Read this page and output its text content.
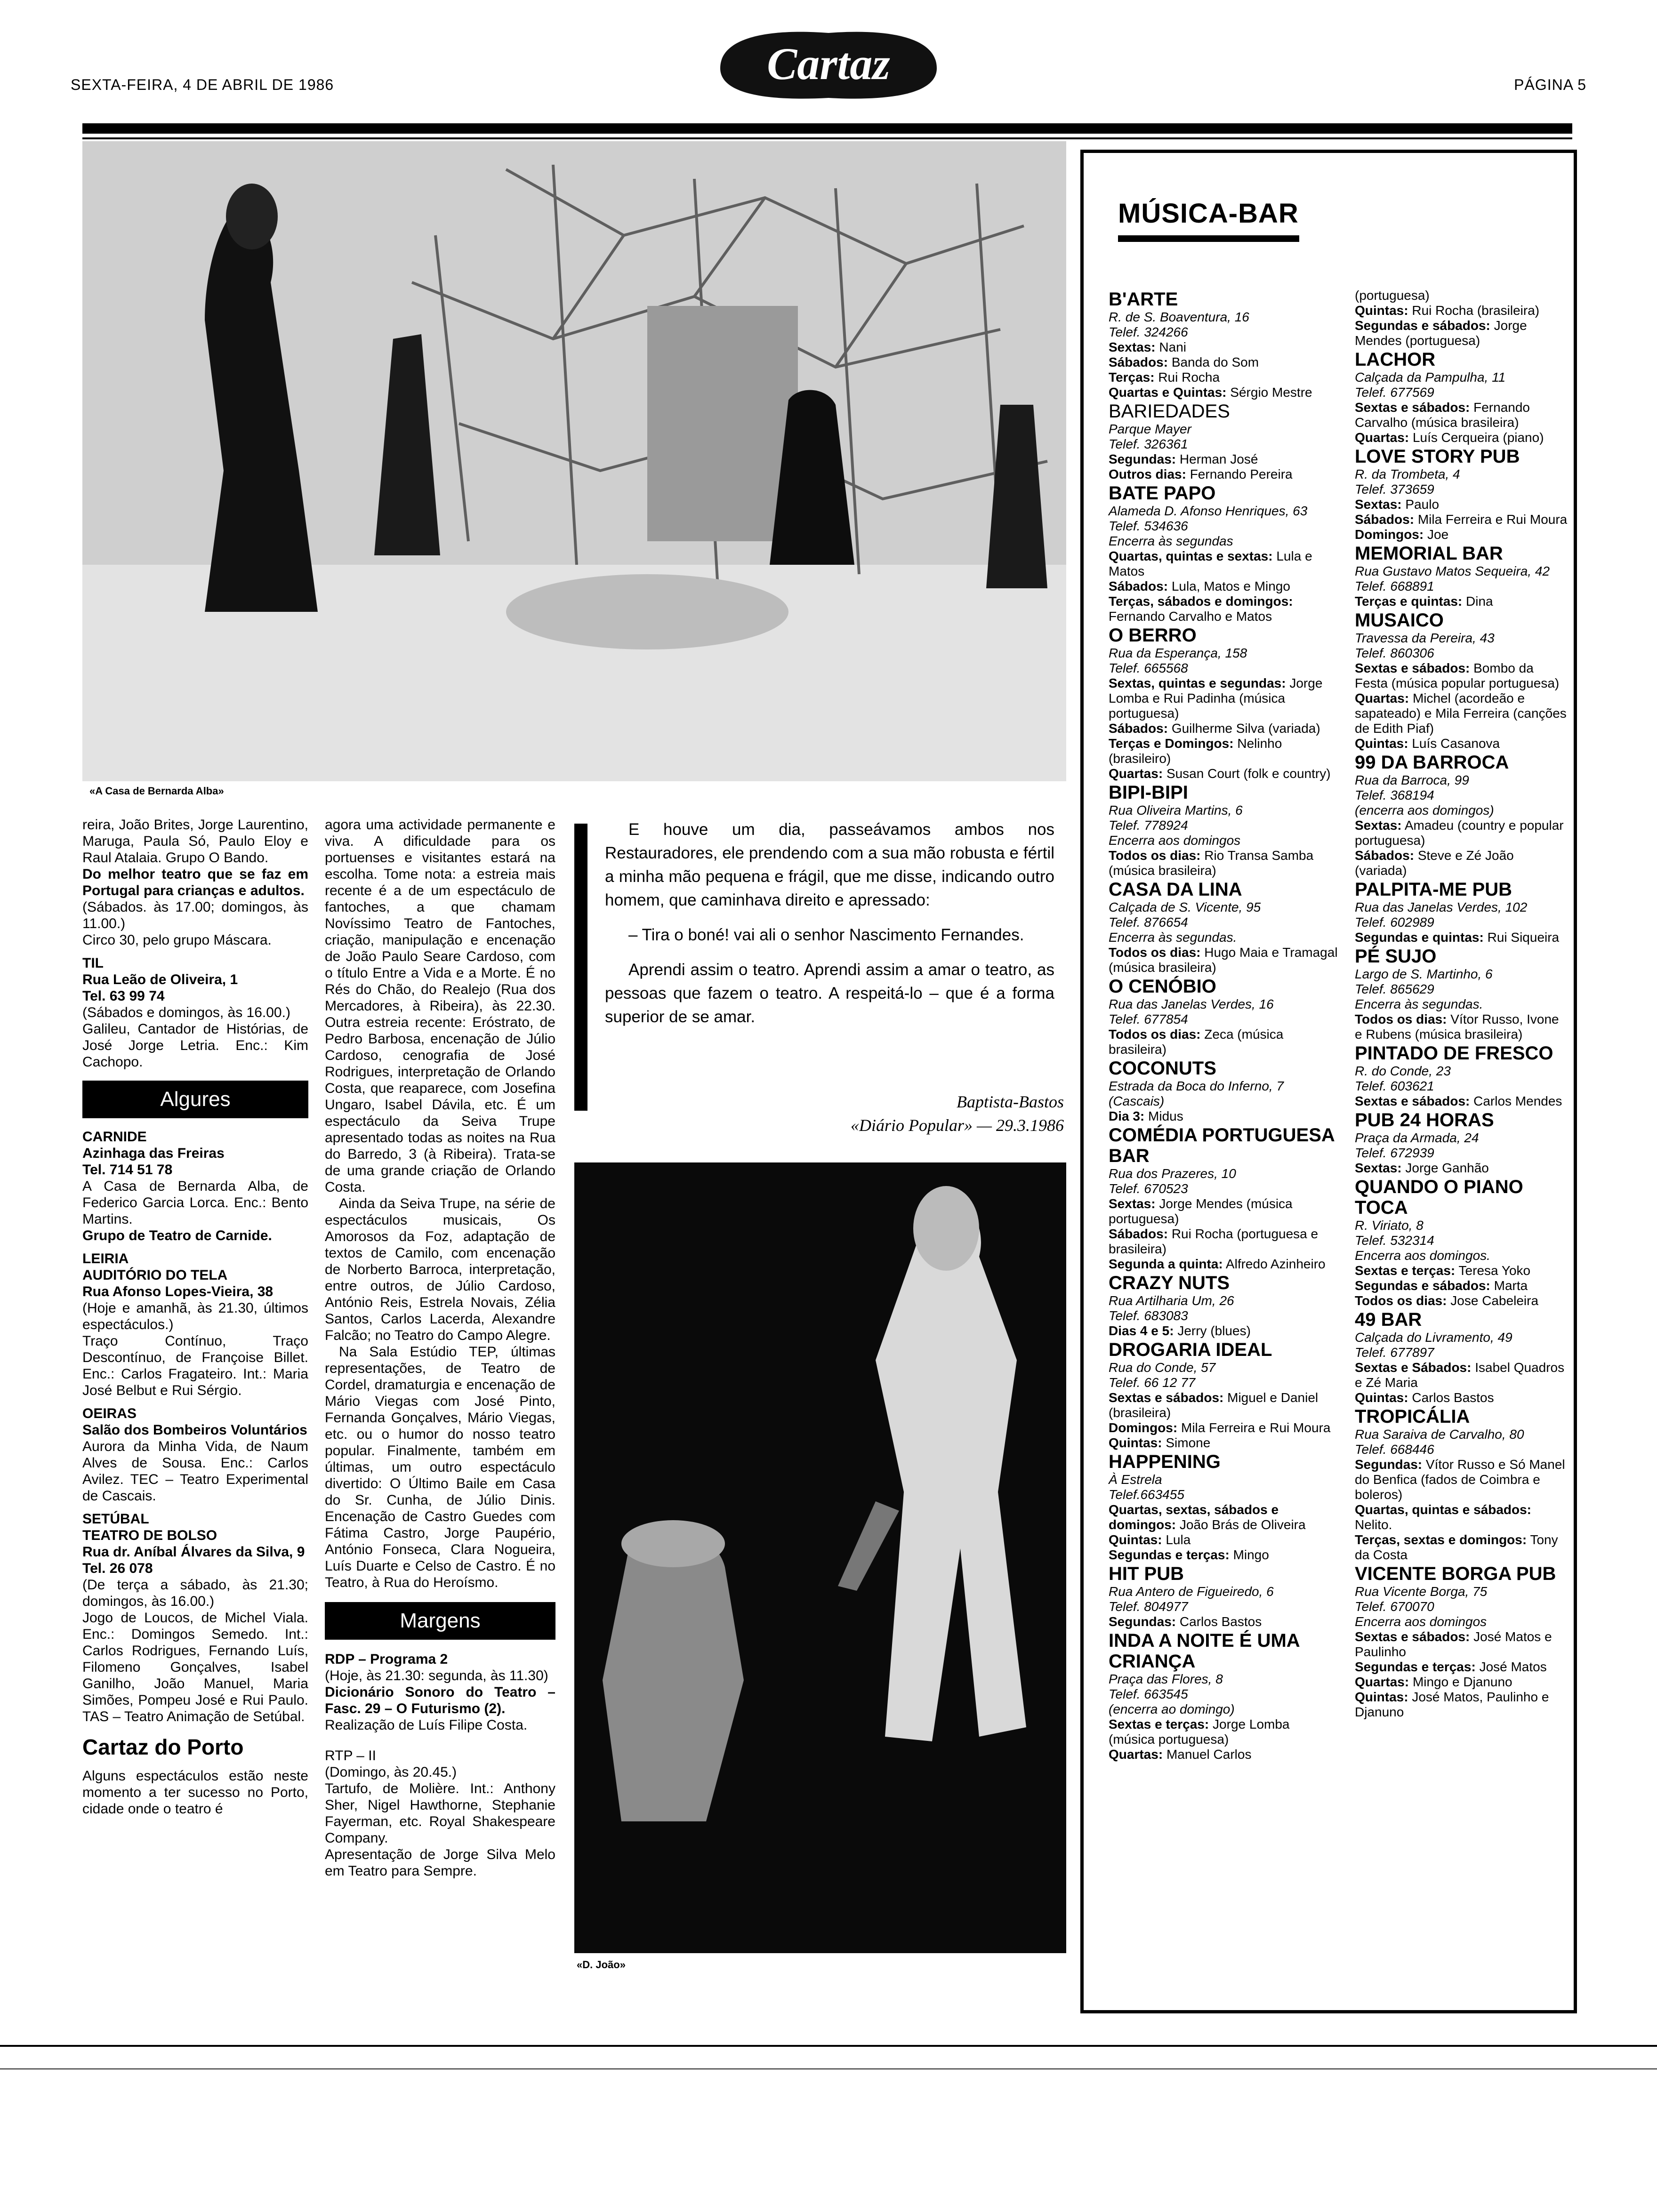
SEXTA-FEIRA, 4 DE ABRIL DE 1986	Cartaz	PÁGINA 5
«A Casa de Bernarda Alba»

reira, João Brites, Jorge Laurentino, Maruga, Paula Só, Paulo Eloy e Raul Atalaia. Grupo O Bando.

Do melhor teatro que se faz em Portugal para crianças e adultos.

(Sábados. às 17.00; domingos, às 11.00.)

Circo 30, pelo grupo Máscara.

TIL

Rua Leão de Oliveira, 1

Tel. 63 99 74

(Sábados e domingos, às 16.00.)

Galileu, Cantador de Histórias, de José Jorge Letria. Enc.: Kim Cachopo.

Algures

CARNIDE

Azinhaga das Freiras

Tel. 714 51 78

A Casa de Bernarda Alba, de Federico Garcia Lorca. Enc.: Bento Martins.

Grupo de Teatro de Carnide.

LEIRIA

AUDITÓRIO DO TELA

Rua Afonso Lopes-Vieira, 38

(Hoje e amanhã, às 21.30, últimos espectáculos.)

Traço Contínuo, Traço Descontínuo, de Françoise Billet. Enc.: Carlos Fragateiro. Int.: Maria José Belbut e Rui Sérgio.

OEIRAS

Salão dos Bombeiros Voluntários

Aurora da Minha Vida, de Naum Alves de Sousa. Enc.: Carlos Avilez. TEC – Teatro Experimental de Cascais.

SETÚBAL

TEATRO DE BOLSO

Rua dr. Aníbal Álvares da Silva, 9

Tel. 26 078

(De terça a sábado, às 21.30; domingos, às 16.00.)

Jogo de Loucos, de Michel Viala. Enc.: Domingos Semedo. Int.: Carlos Rodrigues, Fernando Luís, Filomeno Gonçalves, Isabel Ganilho, João Manuel, Maria Simões, Pompeu José e Rui Paulo. TAS – Teatro Animação de Setúbal.

Cartaz do Porto

Alguns espectáculos estão neste momento a ter sucesso no Porto, cidade onde o teatro é

agora uma actividade permanente e viva. A dificuldade para os portuenses e visitantes estará na escolha. Tome nota: a estreia mais recente é a de um espectáculo de fantoches, a que chamam Novíssimo Teatro de Fantoches, criação, manipulação e encenação de João Paulo Seare Cardoso, com o título Entre a Vida e a Morte. É no Rés do Chão, do Realejo (Rua dos Mercadores, à Ribeira), às 22.30. Outra estreia recente: Eróstrato, de Pedro Barbosa, encenação de Júlio Cardoso, cenografia de José Rodrigues, interpretação de Orlando Costa, que reaparece, com Josefina Ungaro, Isabel Dávila, etc. É um espectáculo da Seiva Trupe apresentado todas as noites na Rua do Barredo, 3 (à Ribeira). Trata-se de uma grande criação de Orlando Costa.

Ainda da Seiva Trupe, na série de espectáculos musicais, Os Amorosos da Foz, adaptação de textos de Camilo, com encenação de Norberto Barroca, interpretação, entre outros, de Júlio Cardoso, António Reis, Estrela Novais, Zélia Santos, Carlos Lacerda, Alexandre Falcão; no Teatro do Campo Alegre.

Na Sala Estúdio TEP, últimas representações, de Teatro de Cordel, dramaturgia e encenação de Mário Viegas com José Pinto, Fernanda Gonçalves, Mário Viegas, etc. ou o humor do nosso teatro popular. Finalmente, também em últimas, um outro espectáculo divertido: O Último Baile em Casa do Sr. Cunha, de Júlio Dinis. Encenação de Castro Guedes com Fátima Castro, Jorge Paupério, António Fonseca, Clara Nogueira, Luís Duarte e Celso de Castro. É no Teatro, à Rua do Heroísmo.

Margens

RDP – Programa 2

(Hoje, às 21.30: segunda, às 11.30)

Dicionário Sonoro do Teatro – Fasc. 29 – O Futurismo (2).

Realização de Luís Filipe Costa.

RTP – II

(Domingo, às 20.45.)

Tartufo, de Molière. Int.: Anthony Sher, Nigel Hawthorne, Stephanie Fayerman, etc. Royal Shakespeare Company.

Apresentação de Jorge Silva Melo em Teatro para Sempre.

E houve um dia, passeávamos ambos nos Restauradores, ele prendendo com a sua mão robusta e fértil a minha mão pequena e frágil, que me disse, indicando outro homem, que caminhava direito e apressado:

– Tira o boné! vai ali o senhor Nascimento Fernandes.

Aprendi assim o teatro. Aprendi assim a amar o teatro, as pessoas que fazem o teatro. A respeitá-lo – que é a forma superior de se amar.

Baptista-Bastos
«Diário Popular» — 29.3.1986
«D. João»
MÚSICA-BAR
B'ARTE
R. de S. Boaventura, 16
Telef. 324266
Sextas: Nani
Sábados: Banda do Som
Terças: Rui Rocha
Quartas e Quintas: Sérgio Mestre
BARIEDADES
Parque Mayer
Telef. 326361
Segundas: Herman José
Outros dias: Fernando Pereira
BATE PAPO
Alameda D. Afonso Henriques, 63
Telef. 534636
Encerra às segundas
Quartas, quintas e sextas: Lula e Matos
Sábados: Lula, Matos e Mingo
Terças, sábados e domingos: Fernando Carvalho e Matos
O BERRO
Rua da Esperança, 158
Telef. 665568
Sextas, quintas e segundas: Jorge Lomba e Rui Padinha (música portuguesa)
Sábados: Guilherme Silva (variada)
Terças e Domingos: Nelinho (brasileiro)
Quartas: Susan Court (folk e country)
BIPI-BIPI
Rua Oliveira Martins, 6
Telef. 778924
Encerra aos domingos
Todos os dias: Rio Transa Samba (música brasileira)
CASA DA LINA
Calçada de S. Vicente, 95
Telef. 876654
Encerra às segundas.
Todos os dias: Hugo Maia e Tramagal (música brasileira)
O CENÓBIO
Rua das Janelas Verdes, 16
Telef. 677854
Todos os dias: Zeca (música brasileira)
COCONUTS
Estrada da Boca do Inferno, 7 (Cascais)
Dia 3: Midus
COMÉDIA PORTUGUESA BAR
Rua dos Prazeres, 10
Telef. 670523
Sextas: Jorge Mendes (música portuguesa)
Sábados: Rui Rocha (portuguesa e brasileira)
Segunda a quinta: Alfredo Azinheiro
CRAZY NUTS
Rua Artilharia Um, 26
Telef. 683083
Dias 4 e 5: Jerry (blues)
DROGARIA IDEAL
Rua do Conde, 57
Telef. 66 12 77
Sextas e sábados: Miguel e Daniel (brasileira)
Domingos: Mila Ferreira e Rui Moura
Quintas: Simone
HAPPENING
À Estrela
Telef.663455
Quartas, sextas, sábados e domingos: João Brás de Oliveira
Quintas: Lula
Segundas e terças: Mingo
HIT PUB
Rua Antero de Figueiredo, 6
Telef. 804977
Segundas: Carlos Bastos
INDA A NOITE É UMA CRIANÇA
Praça das Flores, 8
Telef. 663545
(encerra ao domingo)
Sextas e terças: Jorge Lomba (música portuguesa)
Quartas: Manuel Carlos
(portuguesa)
Quintas: Rui Rocha (brasileira)
Segundas e sábados: Jorge Mendes (portuguesa)
LACHOR
Calçada da Pampulha, 11
Telef. 677569
Sextas e sábados: Fernando Carvalho (música brasileira)
Quartas: Luís Cerqueira (piano)
LOVE STORY PUB
R. da Trombeta, 4
Telef. 373659
Sextas: Paulo
Sábados: Mila Ferreira e Rui Moura
Domingos: Joe
MEMORIAL BAR
Rua Gustavo Matos Sequeira, 42
Telef. 668891
Terças e quintas: Dina
MUSAICO
Travessa da Pereira, 43
Telef. 860306
Sextas e sábados: Bombo da Festa (música popular portuguesa)
Quartas: Michel (acordeão e sapateado) e Mila Ferreira (canções de Edith Piaf)
Quintas: Luís Casanova
99 DA BARROCA
Rua da Barroca, 99
Telef. 368194
(encerra aos domingos)
Sextas: Amadeu (country e popular portuguesa)
Sábados: Steve e Zé João (variada)
PALPITA-ME PUB
Rua das Janelas Verdes, 102
Telef. 602989
Segundas e quintas: Rui Siqueira
PÉ SUJO
Largo de S. Martinho, 6
Telef. 865629
Encerra às segundas.
Todos os dias: Vítor Russo, Ivone e Rubens (música brasileira)
PINTADO DE FRESCO
R. do Conde, 23
Telef. 603621
Sextas e sábados: Carlos Mendes
PUB 24 HORAS
Praça da Armada, 24
Telef. 672939
Sextas: Jorge Ganhão
QUANDO O PIANO TOCA
R. Viriato, 8
Telef. 532314
Encerra aos domingos.
Sextas e terças: Teresa Yoko
Segundas e sábados: Marta
Todos os dias: Jose Cabeleira
49 BAR
Calçada do Livramento, 49
Telef. 677897
Sextas e Sábados: Isabel Quadros e Zé Maria
Quintas: Carlos Bastos
TROPICÁLIA
Rua Saraiva de Carvalho, 80
Telef. 668446
Segundas: Vítor Russo e Só Manel do Benfica (fados de Coimbra e boleros)
Quartas, quintas e sábados: Nelito.
Terças, sextas e domingos: Tony da Costa
VICENTE BORGA PUB
Rua Vicente Borga, 75
Telef. 670070
Encerra aos domingos
Sextas e sábados: José Matos e Paulinho
Segundas e terças: José Matos
Quartas: Mingo e Djanuno
Quintas: José Matos, Paulinho e Djanuno
